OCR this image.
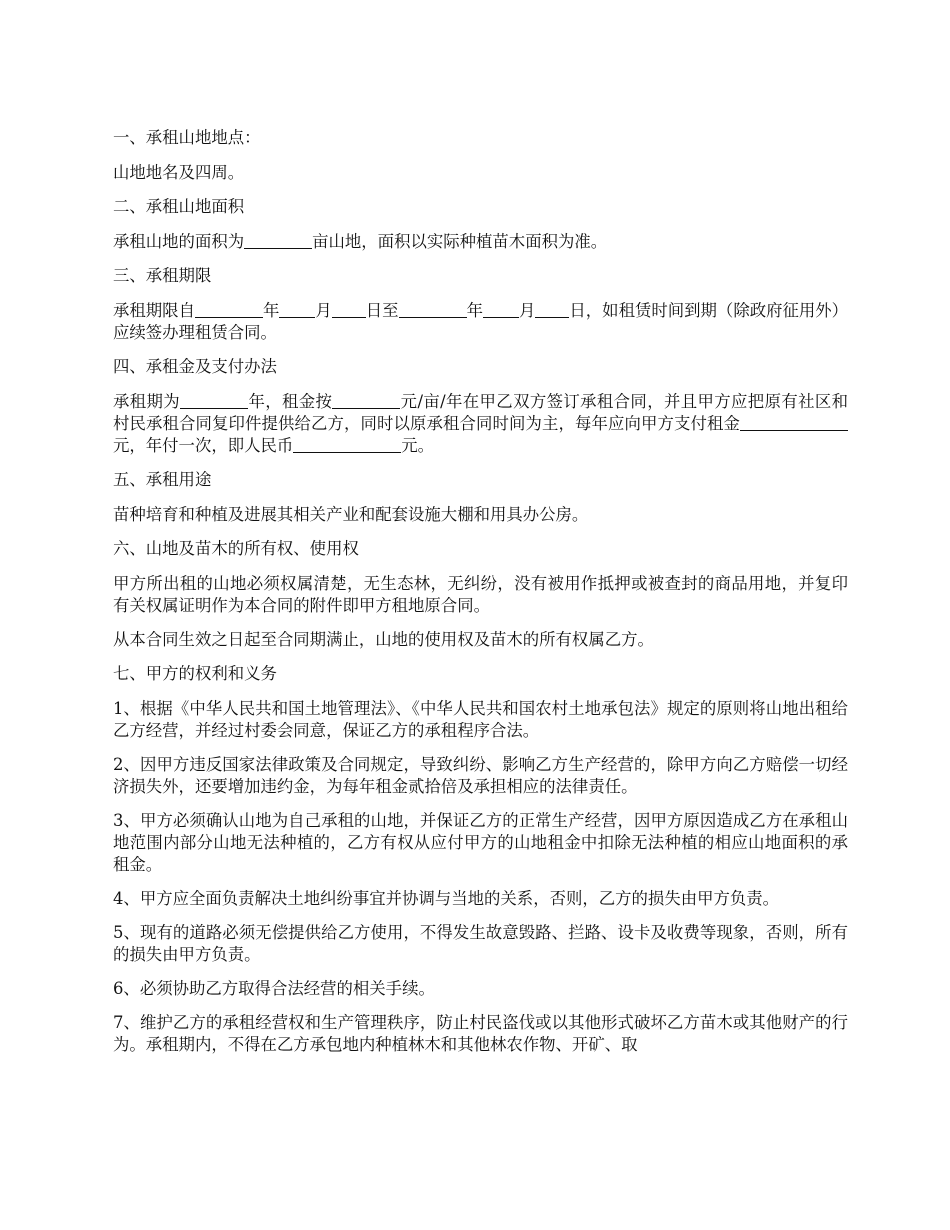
一、承租山地地点：

山地地名及四周。

二、承租山地面积

承租山地的面积为	亩山地，面积以实际种植苗木面积为准。

三、承租期限

承租期限自	年 月 日至	年 月 日，如租赁时间到期（除政府征用外）应续签办理租赁合同。

四、承租金及支付办法

承租期为	年，租金按	元/亩/年在甲乙双方签订承租合同，并且甲方应把原有社区和村民承租合同复印件提供给乙方，同时以原承租合同时间为主，每年应向甲方支付租金元，年付一次，即人民币	元。

五、承租用途

苗种培育和种植及进展其相关产业和配套设施大棚和用具办公房。

六、山地及苗木的所有权、使用权

甲方所出租的山地必须权属清楚，无生态林，无纠纷，没有被用作抵押或被查封的商品用地，并复印有关权属证明作为本合同的附件即甲方租地原合同。

从本合同生效之日起至合同期满止，山地的使用权及苗木的所有权属乙方。

七、甲方的权利和义务

1、根据《中华人民共和国土地管理法》、《中华人民共和国农村土地承包法》规定的原则将山地出租给乙方经营，并经过村委会同意，保证乙方的承租程序合法。

2、因甲方违反国家法律政策及合同规定，导致纠纷、影响乙方生产经营的，除甲方向乙方赔偿一切经济损失外，还要增加违约金，为每年租金贰拾倍及承担相应的法律责任。

3、甲方必须确认山地为自己承租的山地，并保证乙方的正常生产经营，因甲方原因造成乙方在承租山地范围内部分山地无法种植的，乙方有权从应付甲方的山地租金中扣除无法种植的相应山地面积的承租金。

4、甲方应全面负责解决土地纠纷事宜并协调与当地的关系，否则，乙方的损失由甲方负责。

5、现有的道路必须无偿提供给乙方使用，不得发生故意毁路、拦路、设卡及收费等现象，否则，所有的损失由甲方负责。

6、必须协助乙方取得合法经营的相关手续。

7、维护乙方的承租经营权和生产管理秩序，防止村民盗伐或以其他形式破坏乙方苗木或其他财产的行为。承租期内，不得在乙方承包地内种植林木和其他林农作物、开矿、取
